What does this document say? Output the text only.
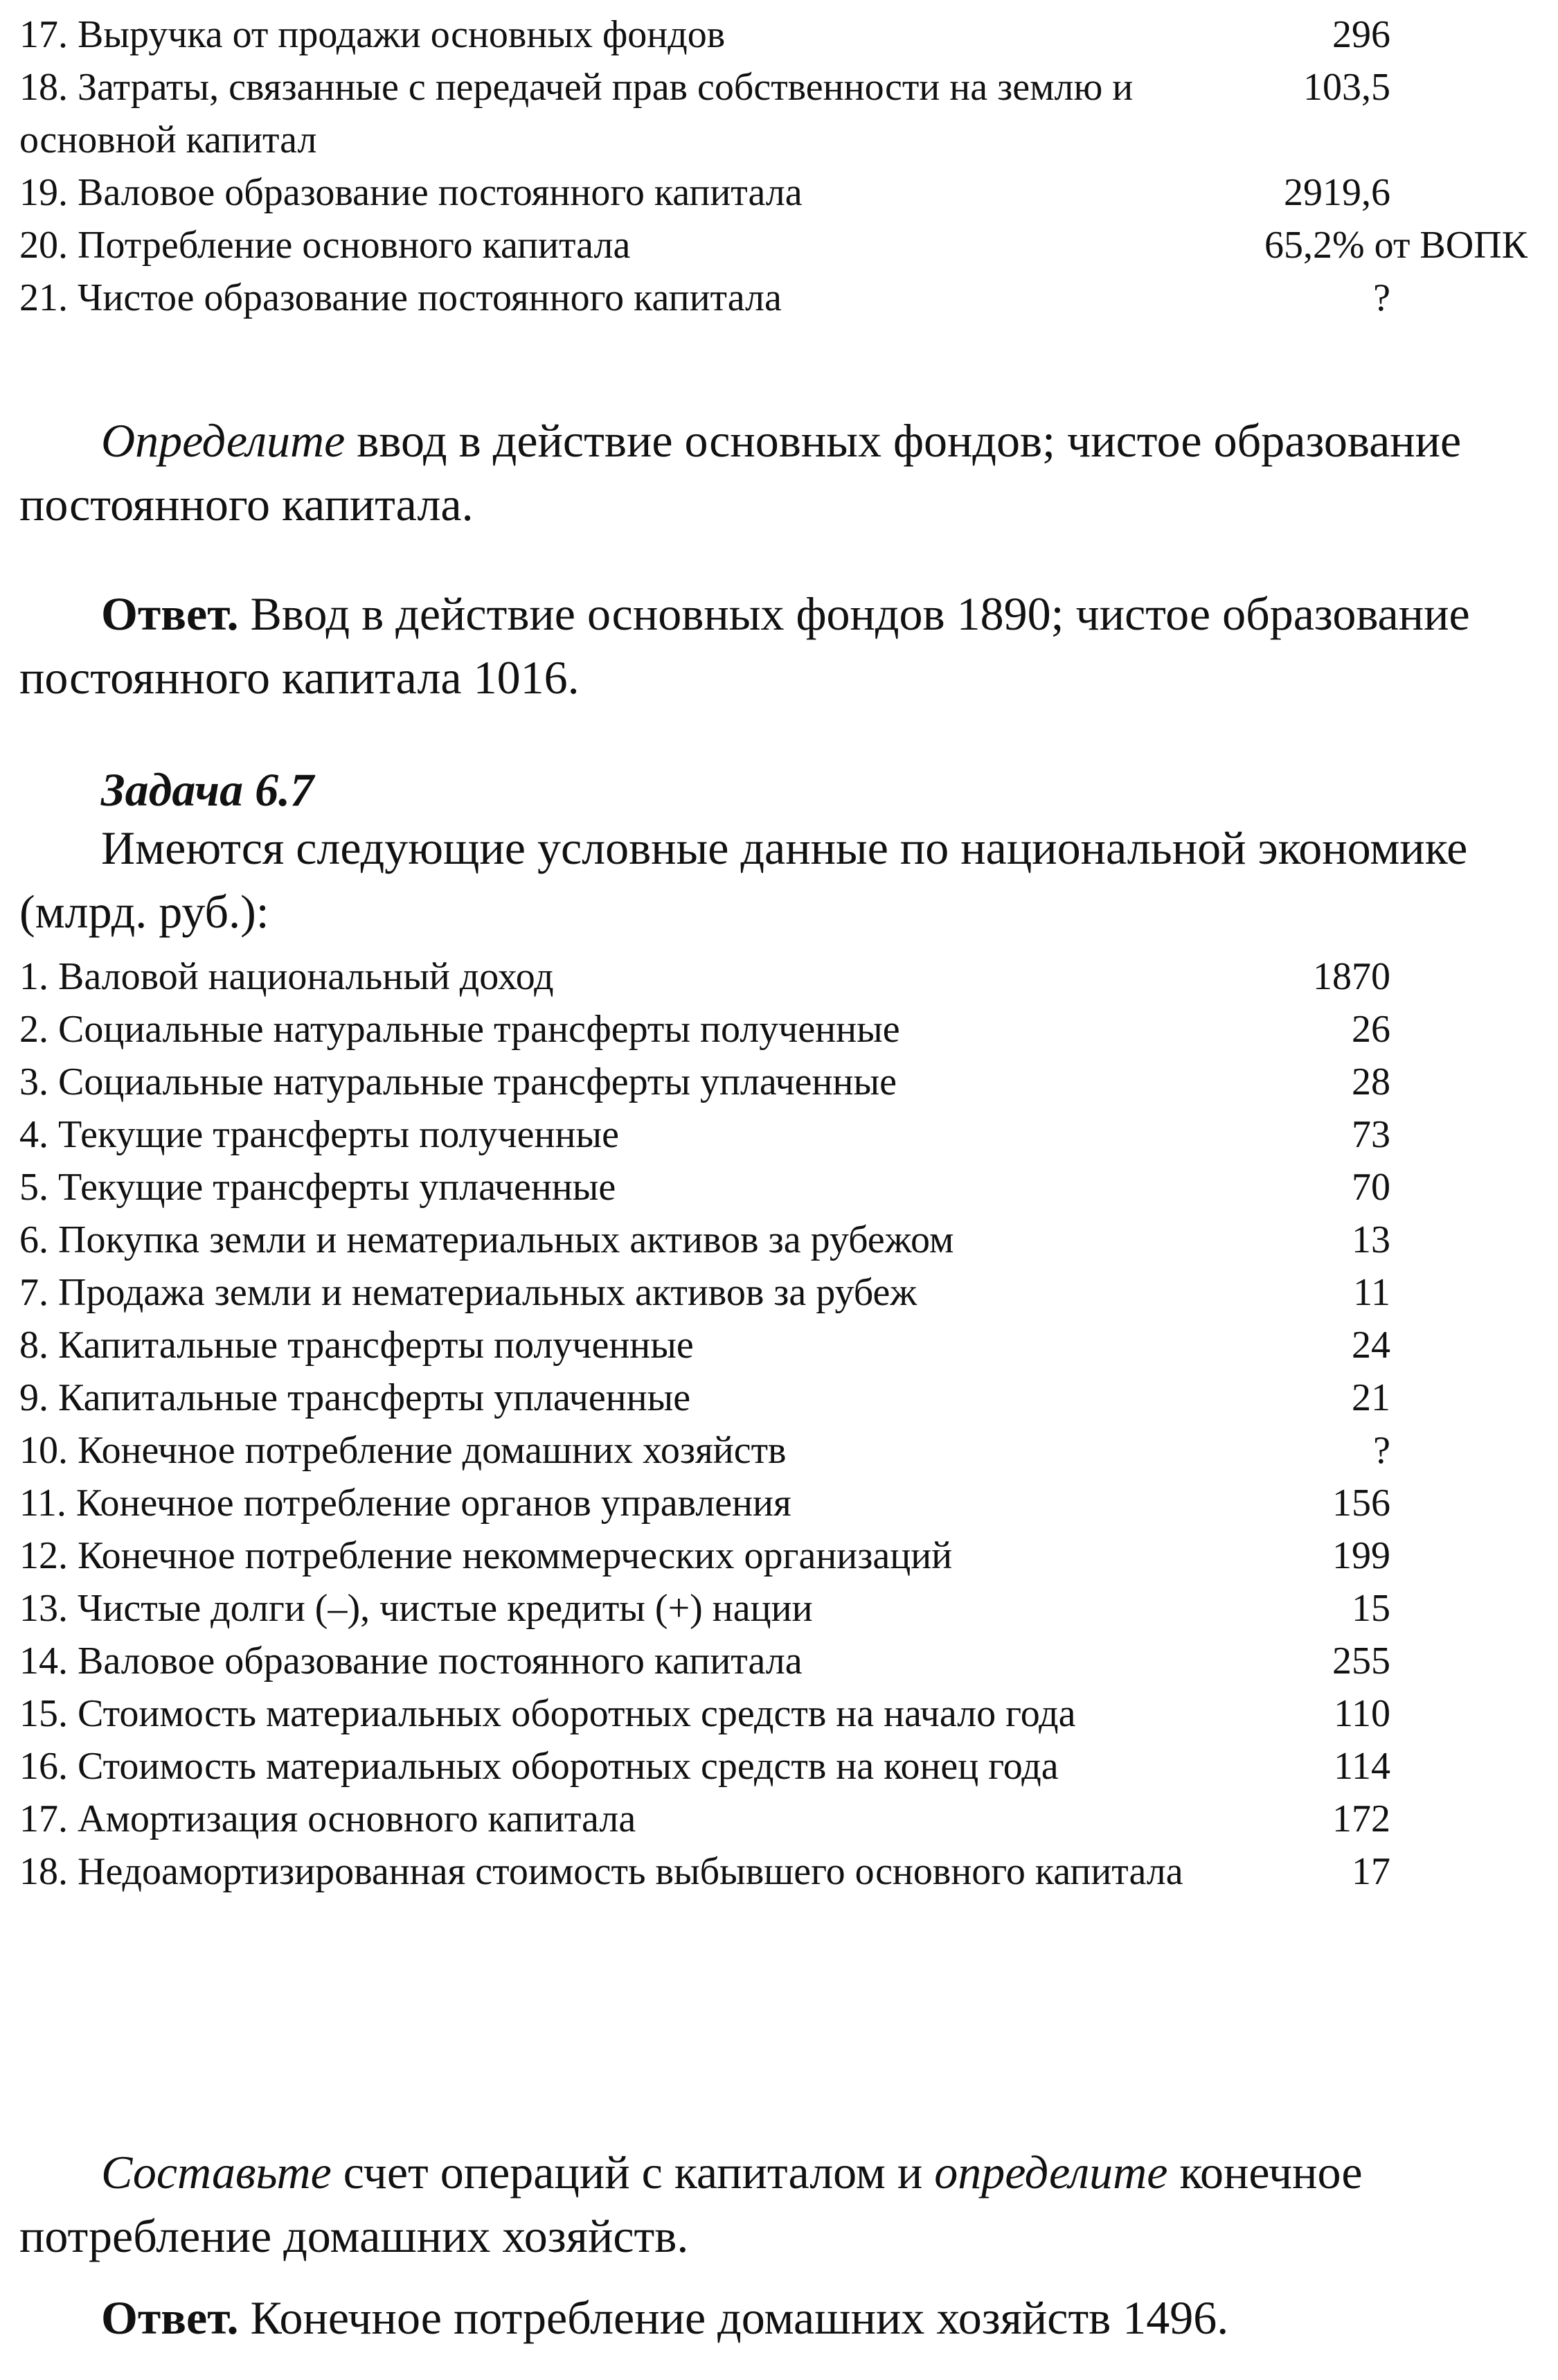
17. Выручка от продажи основных фондов	296
18. Затраты, связанные с передачей прав собственности на землю и основной капитал
103,5
19. Валовое образование постоянного капитала	2919,6
20. Потребление основного капитала	65,2% от ВОПК
21. Чистое образование постоянного капитала	?
Определите ввод в действие основных фондов; чистое образование постоянного капитала.
Ответ. Ввод в действие основных фондов 1890; чистое образование постоянного капитала 1016.
Задача 6.7
Имеются следующие условные данные по национальной экономике (млрд. руб.):
1. Валовой национальный доход	1870
2. Социальные натуральные трансферты полученные	26
3. Социальные натуральные трансферты уплаченные	28
4. Текущие трансферты полученные	73
5. Текущие трансферты уплаченные	70
6. Покупка земли и нематериальных активов за рубежом	13
7. Продажа земли и нематериальных активов за рубеж	11
8. Капитальные трансферты полученные	24
9. Капитальные трансферты уплаченные	21
10. Конечное потребление домашних хозяйств	?
11. Конечное потребление органов управления	156
12. Конечное потребление некоммерческих организаций	199
13. Чистые долги (–), чистые кредиты (+) нации	15
14. Валовое образование постоянного капитала	255
15. Стоимость материальных оборотных средств на начало года	110
16. Стоимость материальных оборотных средств на конец года	114
17. Амортизация основного капитала	172
18. Недоамортизированная стоимость выбывшего основного капитала	17
Составьте счет операций с капиталом и определите конечное потребление домашних хозяйств.
Ответ. Конечное потребление домашних хозяйств 1496.
